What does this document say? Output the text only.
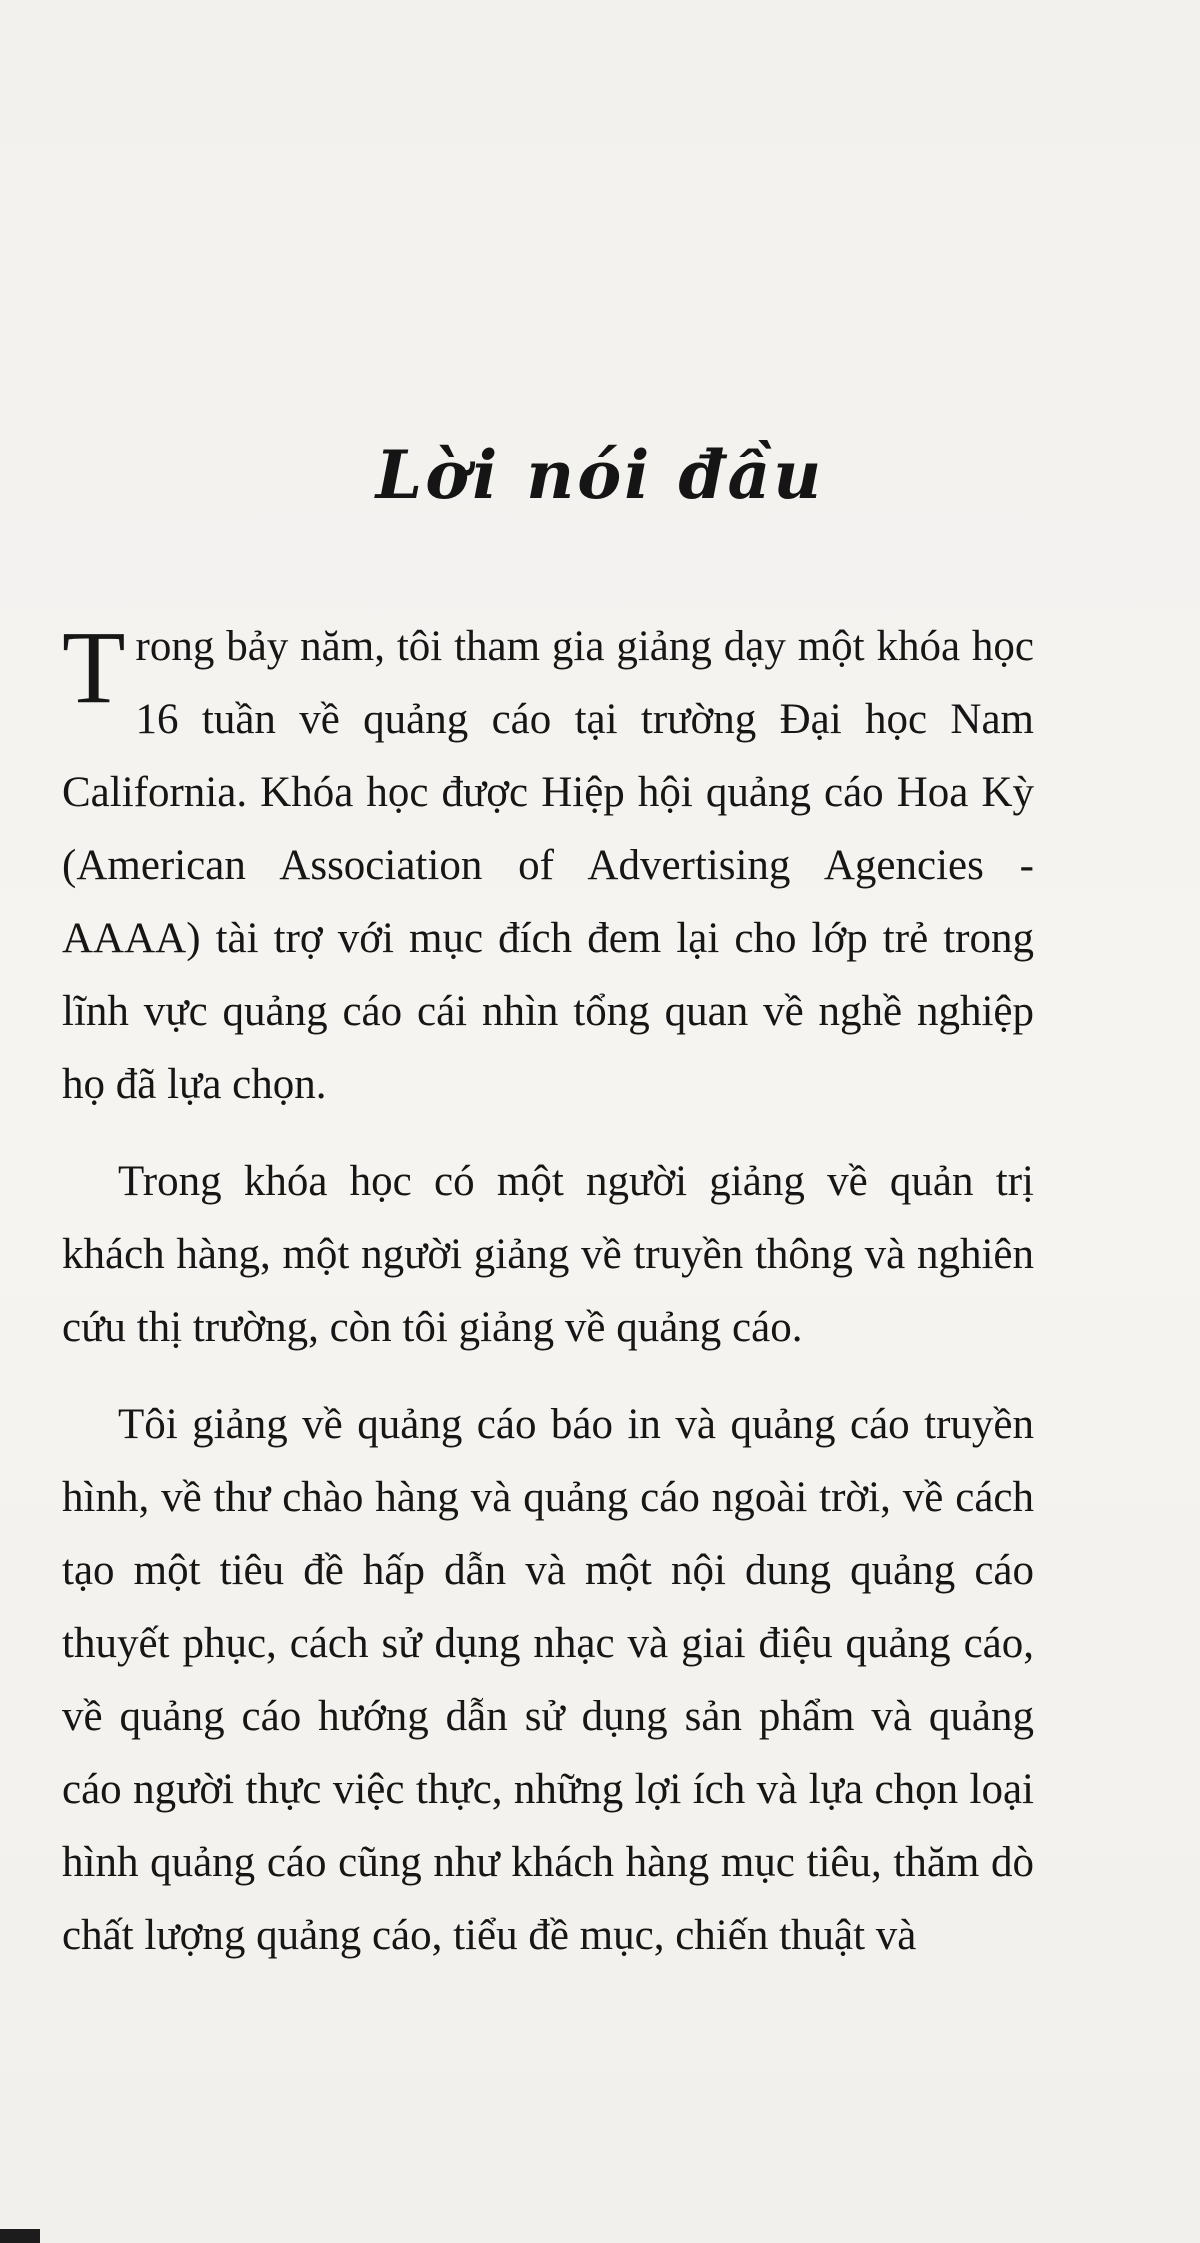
Lời nói đầu

Trong bảy năm, tôi tham gia giảng dạy một khóa học 16 tuần về quảng cáo tại trường Đại học Nam California. Khóa học được Hiệp hội quảng cáo Hoa Kỳ (American Association of Advertising Agencies - AAAA) tài trợ với mục đích đem lại cho lớp trẻ trong lĩnh vực quảng cáo cái nhìn tổng quan về nghề nghiệp họ đã lựa chọn.

Trong khóa học có một người giảng về quản trị khách hàng, một người giảng về truyền thông và nghiên cứu thị trường, còn tôi giảng về quảng cáo.

Tôi giảng về quảng cáo báo in và quảng cáo truyền hình, về thư chào hàng và quảng cáo ngoài trời, về cách tạo một tiêu đề hấp dẫn và một nội dung quảng cáo thuyết phục, cách sử dụng nhạc và giai điệu quảng cáo, về quảng cáo hướng dẫn sử dụng sản phẩm và quảng cáo người thực việc thực, những lợi ích và lựa chọn loại hình quảng cáo cũng như khách hàng mục tiêu, thăm dò chất lượng quảng cáo, tiểu đề mục, chiến thuật và
